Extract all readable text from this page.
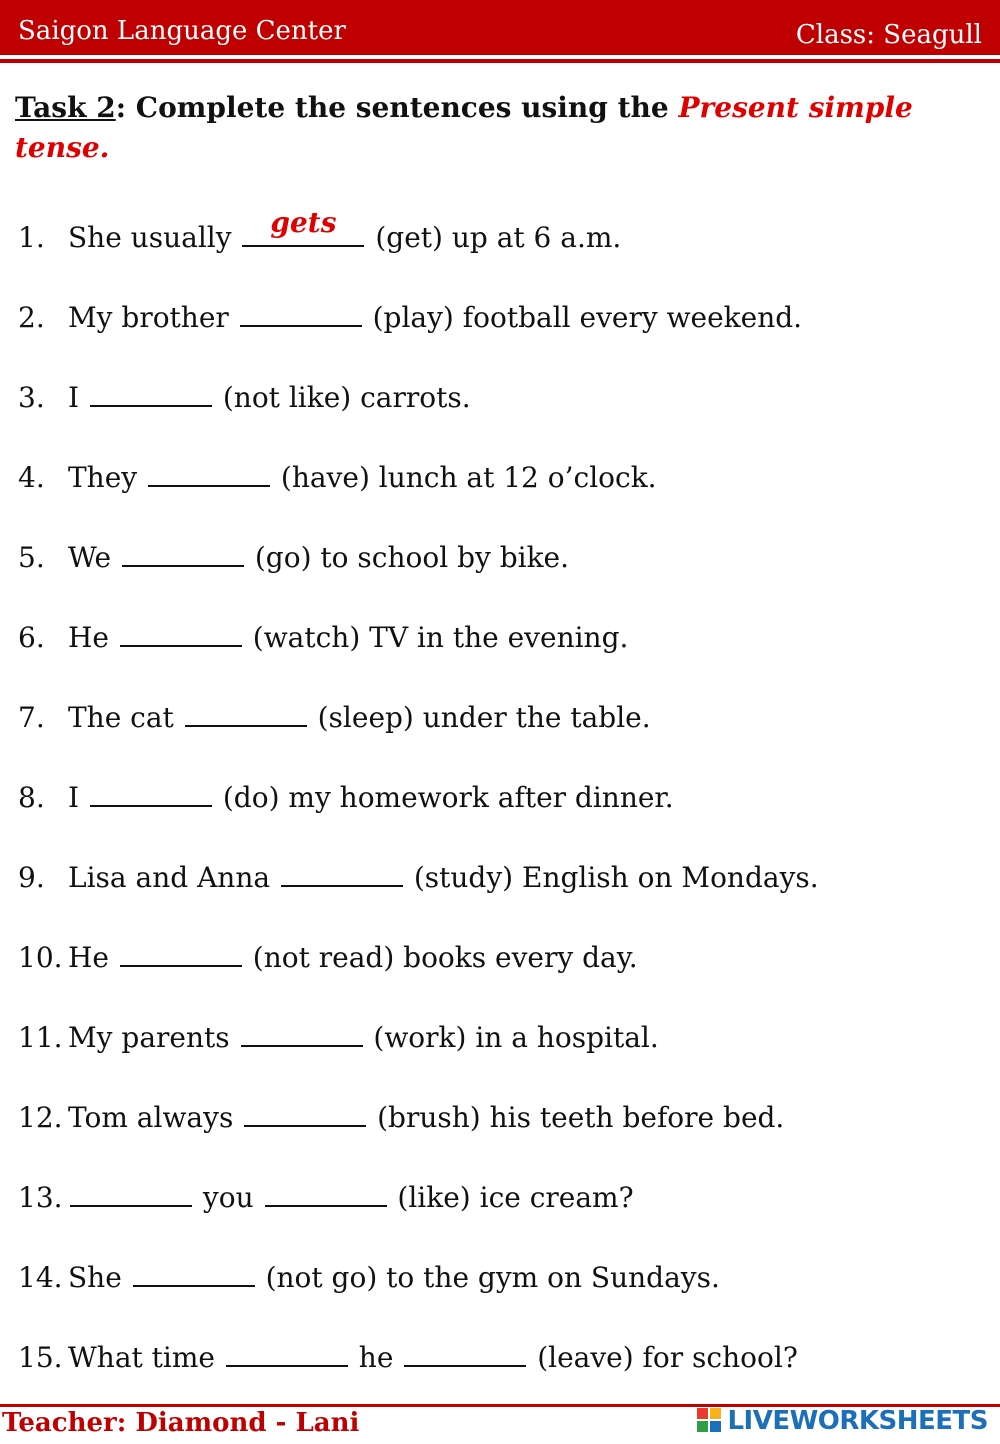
Saigon Language Center	Class: Seagull
Task 2: Complete the sentences using the Present simple tense.
1. She usually	gets	(get) up at 6 a.m.
2. My brother	(play) football every weekend.
3. I	(not like) carrots.
4. They	(have) lunch at 12 o’clock.
5. We	(go) to school by bike.
6. He	(watch) TV in the evening.
7. The cat	(sleep) under the table.
8. I	(do) my homework after dinner.
9. Lisa and Anna	(study) English on Mondays.
10. He	(not read) books every day.
11. My parents	(work) in a hospital.
12. Tom always	(brush) his teeth before bed.
13.	you	(like) ice cream?
14. She	(not go) to the gym on Sundays.
15. What time	he	(leave) for school?
Teacher: Diamond - Lani	LIVEWORKSHEETS
